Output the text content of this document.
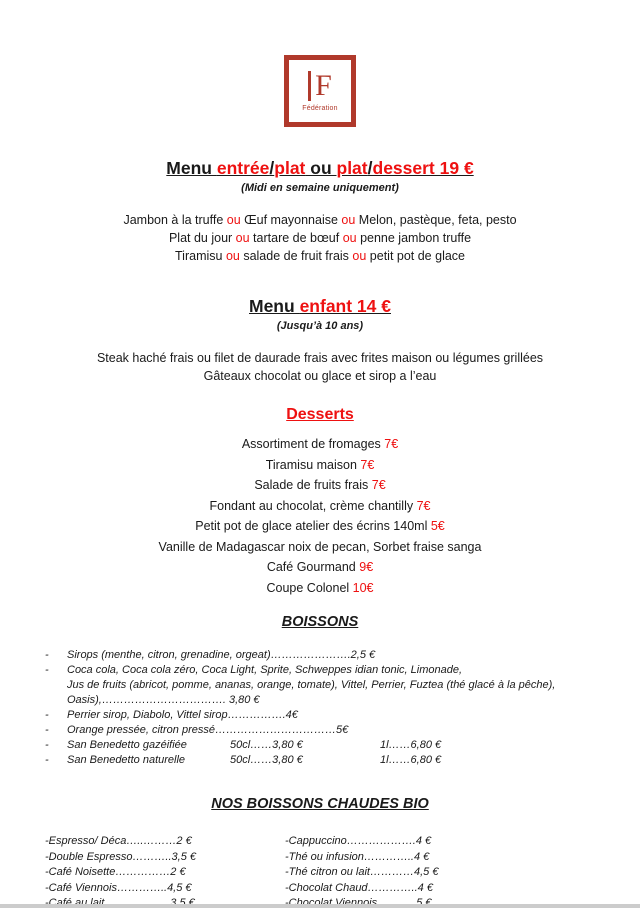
F
Fédération
Menu entrée/plat ou plat/dessert 19 €
(Midi en semaine uniquement)
Jambon à la truffe ou Œuf mayonnaise ou Melon, pastèque, feta, pesto
Plat du jour ou tartare de bœuf ou penne jambon truffe
Tiramisu ou salade de fruit frais ou petit pot de glace
Menu enfant 14 €
(Jusqu’à 10 ans)
Steak haché frais ou filet de daurade frais avec frites maison ou légumes grillées
Gâteaux chocolat ou glace et sirop a l’eau
Desserts
Assortiment de fromages 7€
Tiramisu maison 7€
Salade de fruits frais 7€
Fondant au chocolat, crème chantilly 7€
Petit pot de glace atelier des écrins 140ml 5€
Vanille de Madagascar noix de pecan, Sorbet fraise sanga
Café Gourmand 9€
Coupe Colonel 10€
BOISSONS
- Sirops (menthe, citron, grenadine, orgeat)………………….2,5 €
- Coca cola, Coca cola zéro, Coca Light, Sprite, Schweppes idian tonic, Limonade,
Jus de fruits (abricot, pomme, ananas, orange, tomate), Vittel, Perrier, Fuztea (thé glacé à la pêche),
Oasis),……………………………. 3,80 €
- Perrier sirop, Diabolo, Vittel sirop…………….4€
- Orange pressée, citron pressé……………………………5€
- San Benedetto gazéifiée	50cl……3,80 €	1l……6,80 €
- San Benedetto naturelle	50cl……3,80 €	1l……6,80 €
NOS BOISSONS CHAUDES BIO
-Espresso/ Déca…..………2 €
-Double Espresso………..3,5 €
-Café Noisette……………2 €
-Café Viennois…………..4,5 €
-Cappuccino……………….4 €
-Thé ou infusion…………..4 €
-Thé citron ou lait…………4,5 €
-Chocolat Chaud…………..4 €
